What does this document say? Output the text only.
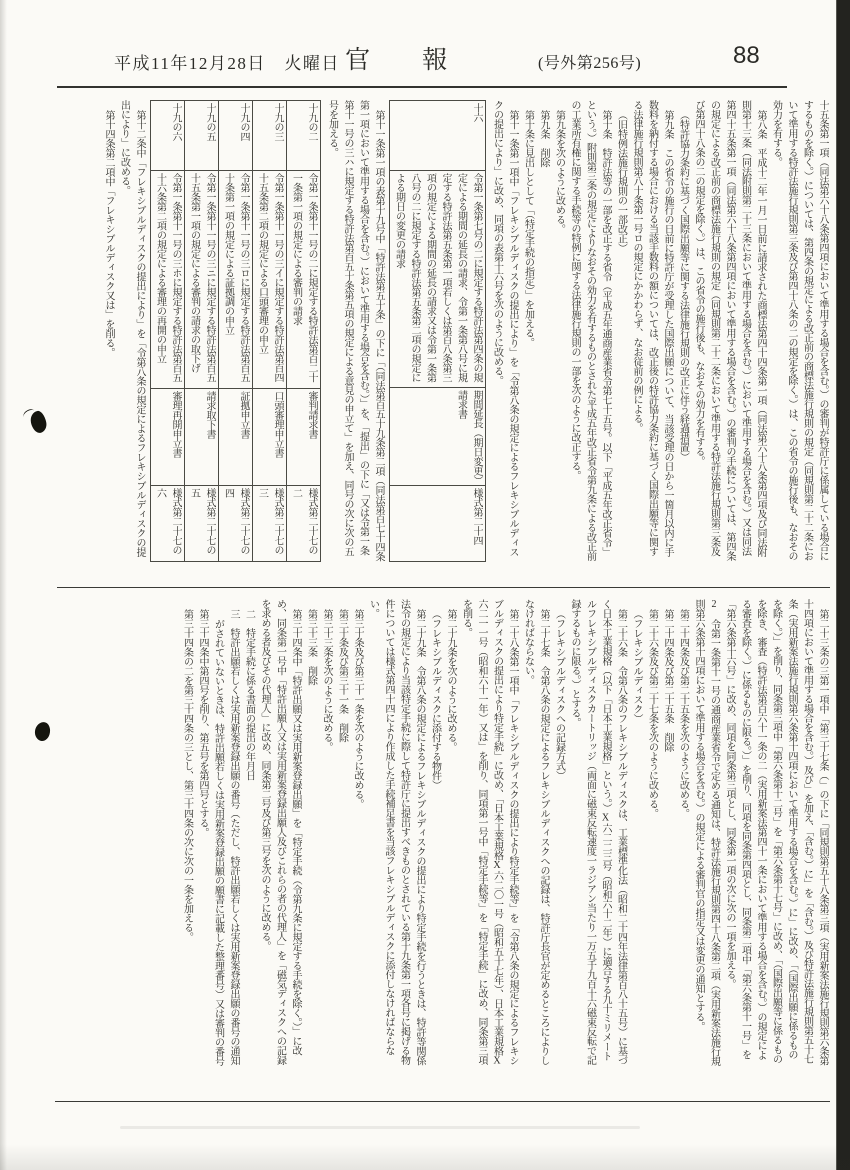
平成11年12月28日　火曜日 官報 (号外第256号)	88

十五条第一項（同法第六十八条第四項において準用する場合を含む。）の審判が特許庁に係属している場合にするものを除く。）については、第四条の規定による改正前の商標法施行規則の規定（同規則第二十二条において準用する特許法施行規則第三条及び第四十八条の二の規定を除く。）は、この省令の施行後も、なおその効力を有する。

第八条　平成十二年一月一日前に請求された商標法第四十四条第一項（同法第六十八条第四項及び同法附則第十三条（同法附則第二十三条において準用する場合を含む。）において準用する場合を含む。）又は同法第四十五条第一項（同法第六十八条第四項において準用する場合を含む。）の審判の手続については、第四条の規定による改正前の商標法施行規則の規定（同規則第二十二条において準用する特許法施行規則第三条及び第四十八条の二の規定を除く。）は、この省令の施行後も、なおその効力を有する。

（特許協力条約に基づく国際出願等に関する法律施行規則の改正に伴う経過措置）

第九条　この省令の施行の日前に特許庁が受理した国際出願について、当該受理の日から一箇月以内に手数料を納付する場合における当該手数料の額については、改正後の特許協力条約に基づく国際出願等に関する法律施行規則第八十条第一号ロの規定にかかわらず、なお従前の例による。

（旧特例法施行規則の一部改正）

第十条　特許法等の一部を改正する省令（平成五年通商産業省令第七十五号。以下「平成五年改正省令」という。）附則第三条の規定によりなおその効力を有するものとされた平成五年改正省令第九条による改正前の工業所有権に関する手続等の特例に関する法律施行規則の一部を次のように改正する。

第九条を次のように改める。

第九条　削除

第十条に見出しとして「（特定手続の指定）」を加える。

第十一条第一項中「フレキシブルディスクの提出により」を「令第八条の規定によるフレキシブルディスクの提出により」に改め、同項の表第十六号を次のように改める。

十六	令第一条第七号の二に規定する特許法第四条の規定による期間の延長の請求、令第一条第八号に規定する特許法第五条第一項若しくは第百八条第三項の規定による期間の延長の請求又は令第一条第八号の二に規定する特許法第五条第二項の規定による期日の変更の請求	期間延長（期日変更）請求書	様式第二十四

第十一条第一項の表第十九号中「特許法第五十条」の下に「（同法第百五十九条第二項（同法第百七十四条第一項において準用する場合を含む。）において準用する場合を含む。）」を、「提出」の下に「又は令第一条第十一号の三ハに規定する特許法第百五十条第五項の規定による意見の申立て」を加え、同号の次に次の五号を加える。

十九の二	令第一条第十一号の二に規定する特許法第百二十一条第一項の規定による審判の請求	審判請求書	様式第二十七の二
十九の三	令第一条第十一号の三イに規定する特許法第百四十五条第二項の規定による口頭審理の申立	口頭審理申立書	様式第二十七の三
十九の四	令第一条第十一号の三ロに規定する特許法第百五十条第一項の規定による証拠調の申立	証拠申立書	様式第二十七の四
十九の五	令第一条第十一号の三ニに規定する特許法第百五十五条第一項の規定による審判の請求の取下げ	請求取下書	様式第二十七の五
十九の六	令第一条第十一号の三ホに規定する特許法第百五十六条第二項の規定による審理の再開の申立	審理再開申立書	様式第二十七の六

第十二条中「フレキシブルディスクの提出により」を「令第八条の規定によるフレキシブルディスクの提出により」に改める。

第十四条第二項中「フレキシブルディスク又は」を削る。

第二十三条の三第一項中「第三十七条（」の下に「同規則第五十八条第三項（実用新案法施行規則第六条第十四項において準用する場合を含む。）及び」を加え、「含む。）に」を「含む。）及び特許法施行規則第五十七条（実用新案法施行規則第六条第十四項において準用する場合を含む。）に」に改め、「（国際出願に係るものを除く。）」を削り、同条第三項中「第六条第十二号」を「第六条第十七号」に改め、「（国際出願等に係るものを除き、審査（特許法第百六十一条の二（実用新案法第四十一条において準用する場合を含む。）の規定による審査を除く。）に係るものに限る。）」を削り、同項を同条第四項とし、同条第二項中「第六条第十一号」を「第六条第十六号」に改め、同項を同条第三項とし、同条第一項の次に次の一項を加える。

2　令第一条第十一号の通商産業省令で定める通知は、特許法施行規則第四十八条第二項（実用新案法施行規則第六条第十四項において準用する場合を含む。）の規定による審判官の指定又は変更の通知とする。

第二十四条及び第二十五条を次のように改める。

第二十四条及び第二十五条　削除

第二十六条及び第二十七条を次のように改める。

（フレキシブルディスク）

第二十六条　令第八条のフレキシブルディスクは、工業標準化法（昭和二十四年法律第百八十五号）に基づく日本工業規格（以下「日本工業規格」という。）X六二二三号（昭和六十二年）に適合する九十ミリメートルフレキシブルディスクカートリッジ（両面に磁束反転速度一ラジアン当たり一万五千九百十六磁束反転で記録するものに限る。）とする。

（フレキシブルディスクへの記録方式）

第二十七条　令第八条の規定によるフレキシブルディスクへの記録は、特許庁長官が定めるところによりしなければならない。

第二十八条第一項中「フレキシブルディスクの提出により特定手続等」を「令第八条の規定によるフレキシブルディスクの提出により特定手続」に改め、「日本工業規格X六二〇一号（昭和五十七年）、日本工業規格X六二一一号（昭和六十一年）又は」を削り、同項第一号中「特定手続等」を「特定手続」に改め、同条第三項を削る。

第二十九条を次のように改める。

（フレキシブルディスクに添付する物件）

第二十九条　令第八条の規定によるフレキシブルディスクの提出により特定手続を行うときは、特許等関係法令の規定により当該特定手続に際して特許庁に提出すべきものとされている第十九条第一項各号に掲げる物件については様式第四十四により作成した手続補足書を当該フレキシブルディスクに添付しなければならない。

第三十条及び第三十一条を次のように改める。

第三十条及び第三十一条　削除

第三十三条を次のように改める。

第三十三条　削除

第三十四条中「特許出願又は実用新案登録出願」を「特定手続（令第九条に規定する手続を除く。）」に改め、同条第一号中「特許出願人又は実用新案登録出願人及びこれらの者の代理人」を「磁気ディスクへの記録を求める者及びその代理人」に改め、同条第二号及び第三号を次のように改める。

二　特定手続に係る書面の提出の年月日

三　特許出願若しくは実用新案登録出願の番号（ただし、特許出願若しくは実用新案登録出願の番号の通知がされていないときは、特許出願若しくは実用新案登録出願の願書に記載した整理番号）又は審判の番号

第三十四条中第四号を削り、第五号を第四号とする。

第三十四条の二を第三十四条の三とし、第三十四条の次に次の一条を加える。
